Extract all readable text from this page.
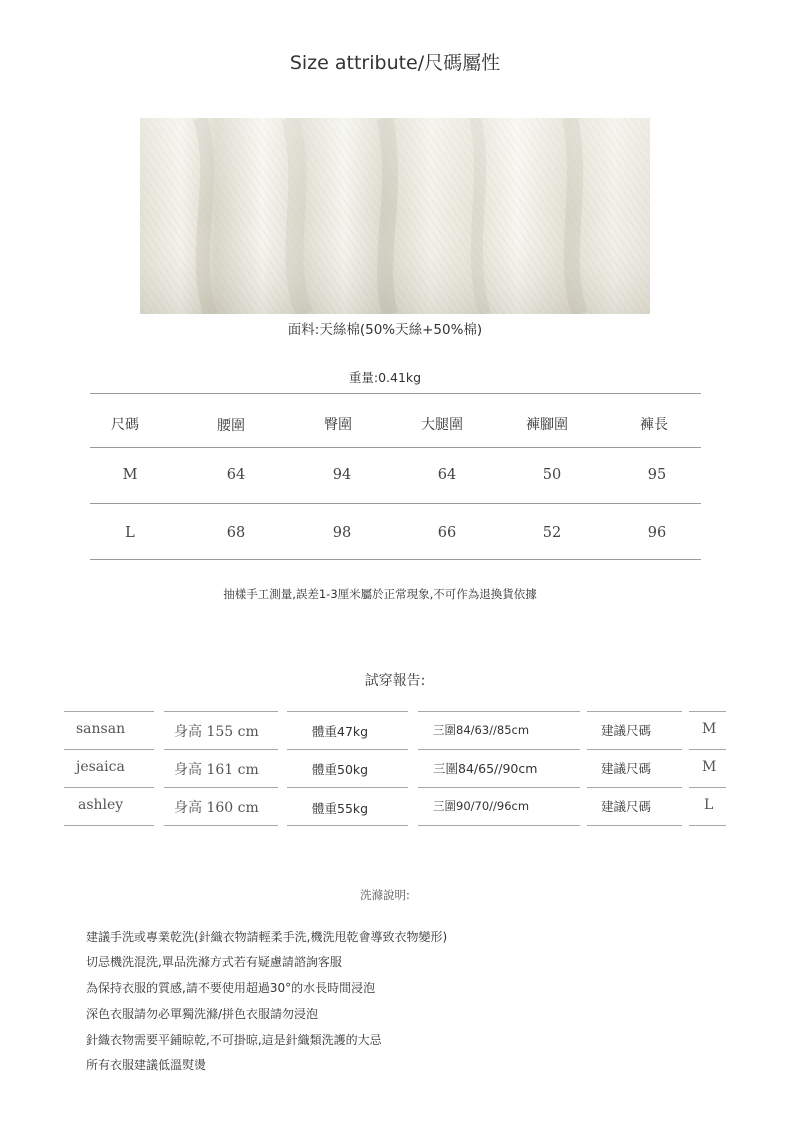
Size attribute/尺碼屬性
面料:天絲棉(50%天絲+50%棉)
重量:0.41kg
尺碼	腰圍	臀圍	大腿圍	褲腳圍	褲長
M	64	94	64	50	95
L	68	98	66	52	96
抽樣手工測量,誤差1-3厘米屬於正常現象,不可作為退換貨依據
試穿報告:
sansan	身高 155 cm	體重47kg	三圍84/63//85cm	建議尺碼	M
jesaica	身高 161 cm	體重50kg	三圍84/65//90cm	建議尺碼	M
ashley	身高 160 cm	體重55kg	三圍90/70//96cm	建議尺碼	L
洗滌說明:
建議手洗或專業乾洗(針織衣物請輕柔手洗,機洗甩乾會導致衣物變形)
切忌機洗混洗,單品洗滌方式若有疑慮請諮詢客服
為保持衣服的質感,請不要使用超過30°的水長時間浸泡
深色衣服請勿必單獨洗滌/拼色衣服請勿浸泡
針織衣物需要平鋪晾乾,不可掛晾,這是針織類洗護的大忌
所有衣服建議低溫熨燙
